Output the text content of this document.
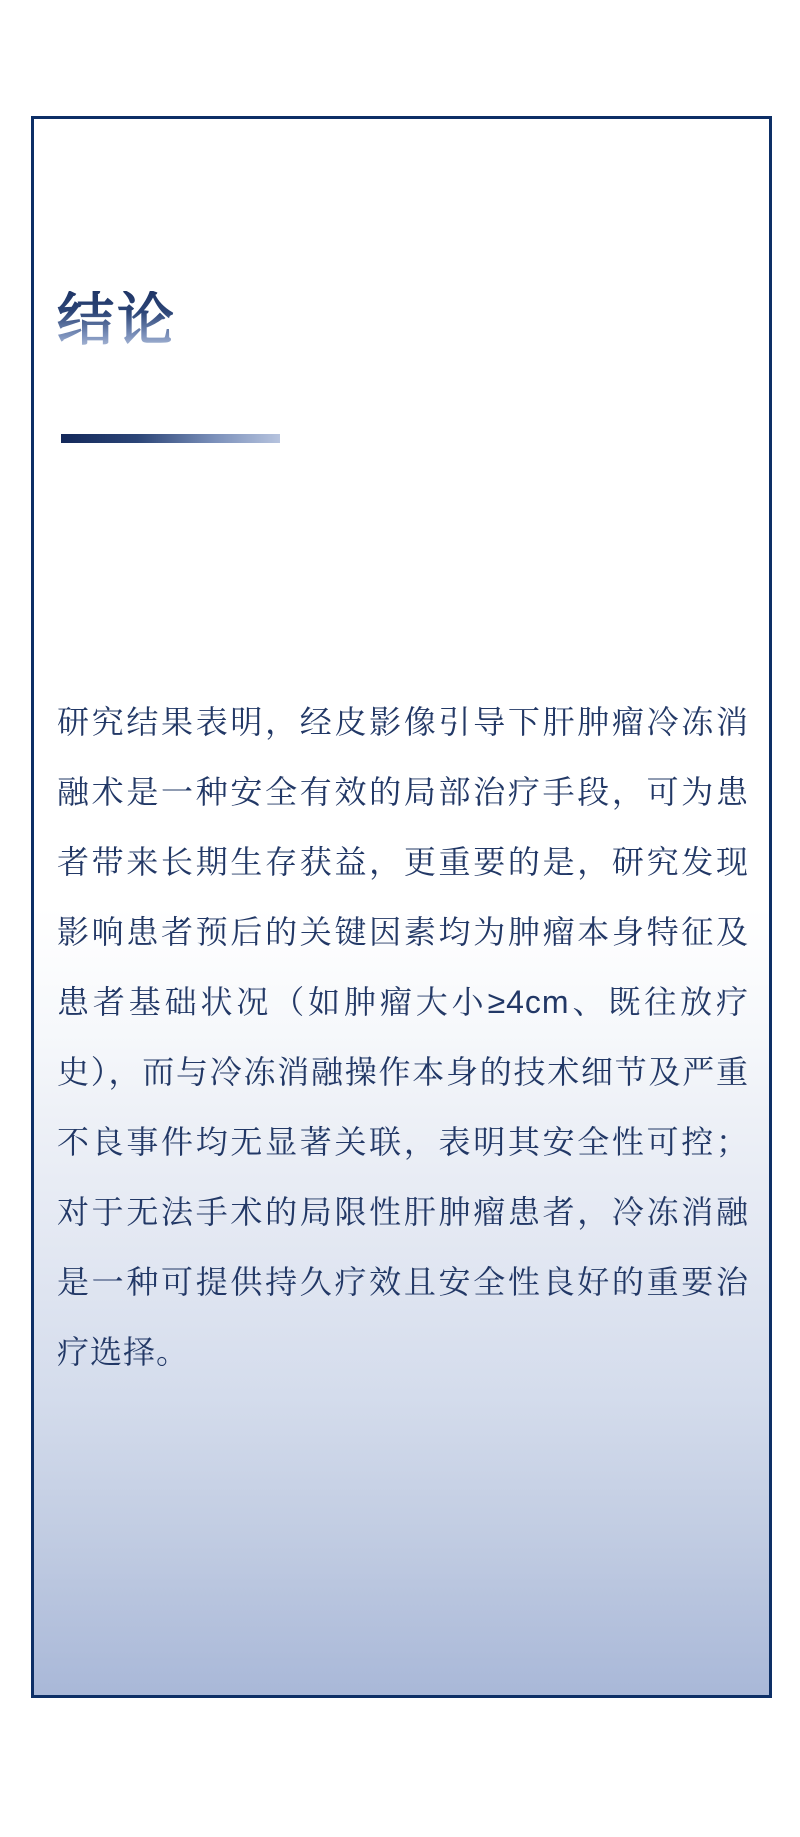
结论

研究结果表明，经皮影像引导下肝肿瘤冷冻消融术是一种安全有效的局部治疗手段，可为患者带来长期生存获益，更重要的是，研究发现影响患者预后的关键因素均为肿瘤本身特征及患者基础状况（如肿瘤大小≥4cm、既往放疗史），而与冷冻消融操作本身的技术细节及严重不良事件均无显著关联，表明其安全性可控；对于无法手术的局限性肝肿瘤患者，冷冻消融是一种可提供持久疗效且安全性良好的重要治疗选择。
